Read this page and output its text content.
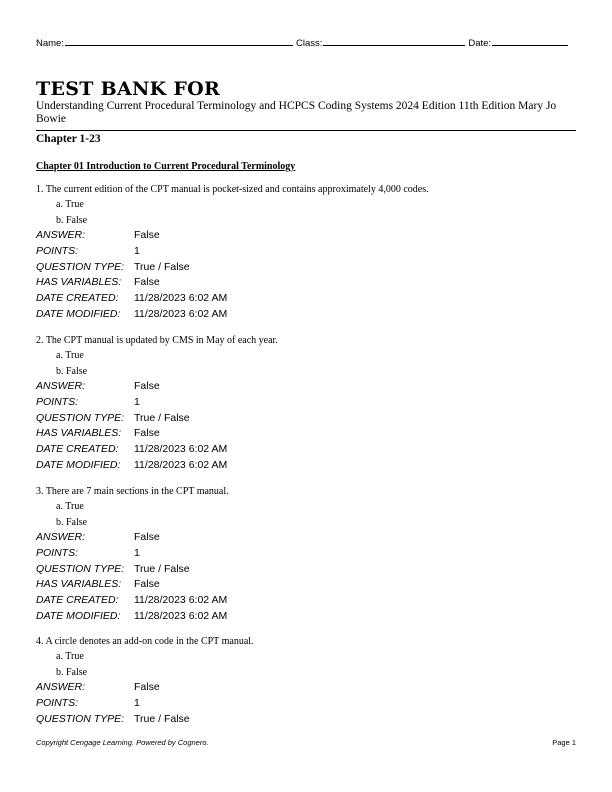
Name:	Class:	Date:
TEST BANK FOR
Understanding Current Procedural Terminology and HCPCS Coding Systems 2024 Edition 11th Edition Mary Jo Bowie
Chapter 1-23
Chapter 01 Introduction to Current Procedural Terminology
1. The current edition of the CPT manual is pocket-sized and contains approximately 4,000 codes.
a. True
b. False
ANSWER:	False
POINTS:	1
QUESTION TYPE: True / False
HAS VARIABLES:	False
DATE CREATED:	11/28/2023 6:02 AM
DATE MODIFIED:	11/28/2023 6:02 AM
2. The CPT manual is updated by CMS in May of each year.
a. True
b. False
ANSWER:	False
POINTS:	1
QUESTION TYPE: True / False
HAS VARIABLES:	False
DATE CREATED:	11/28/2023 6:02 AM
DATE MODIFIED:	11/28/2023 6:02 AM
3. There are 7 main sections in the CPT manual.
a. True
b. False
ANSWER:	False
POINTS:	1
QUESTION TYPE: True / False
HAS VARIABLES:	False
DATE CREATED:	11/28/2023 6:02 AM
DATE MODIFIED:	11/28/2023 6:02 AM
4. A circle denotes an add-on code in the CPT manual.
a. True
b. False
ANSWER:	False
POINTS:	1
QUESTION TYPE: True / False
Copyright Cengage Learning. Powered by Cognero.	Page 1
